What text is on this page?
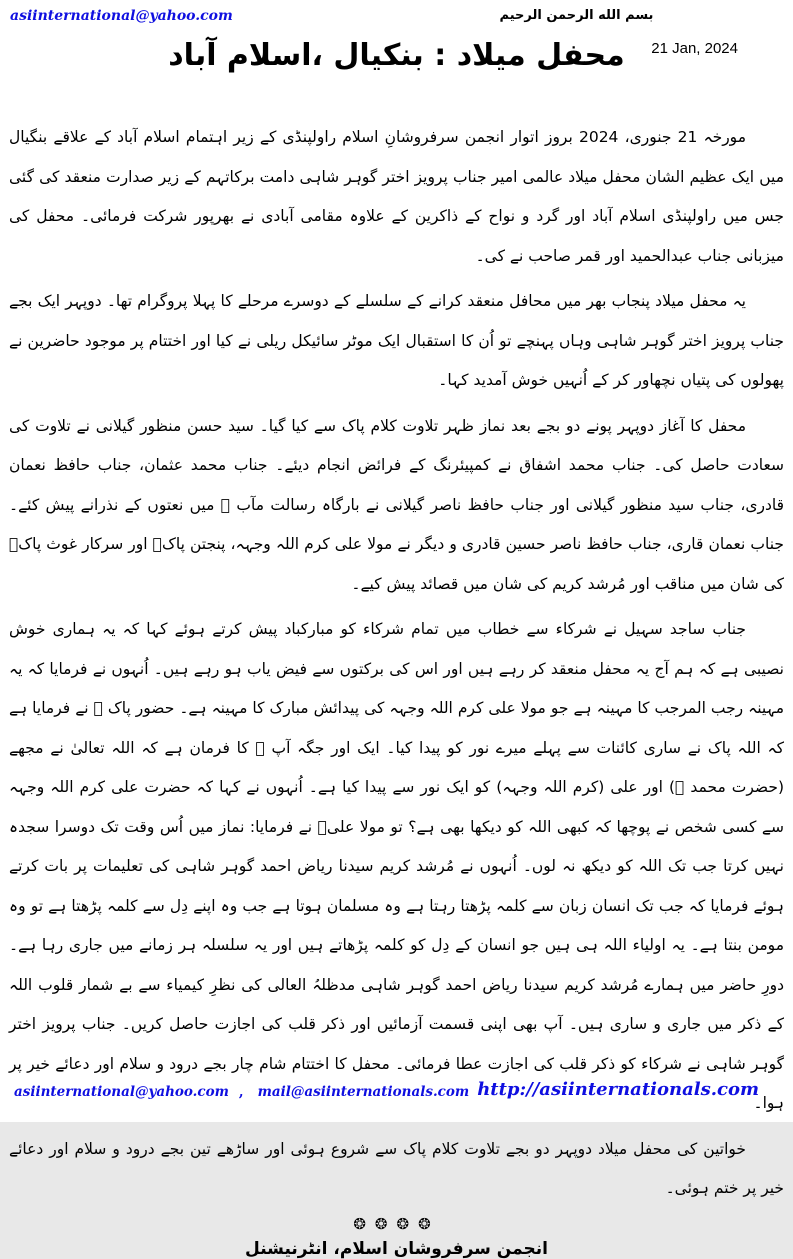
asiinternational@yahoo.com	بسم الله الرحمن الرحيم
محفل میلاد : بنکیال ،اسلام آباد	21 Jan, 2024

مورخہ 21 جنوری، 2024 بروز اتوار انجمن سرفروشانِ اسلام راولپنڈی کے زیر اہتمام اسلام آباد کے علاقے بنگیال میں ایک عظیم الشان محفل میلاد عالمی امیر جناب پرویز اختر گوہر شاہی دامت برکاتہم کے زیر صدارت منعقد کی گئی جس میں راولپنڈی اسلام آباد اور گرد و نواح کے ذاکرین کے علاوہ مقامی آبادی نے بھرپور شرکت فرمائی۔ محفل کی میزبانی جناب عبدالحمید اور قمر صاحب نے کی۔

یہ محفل میلاد پنجاب بھر میں محافل منعقد کرانے کے سلسلے کے دوسرے مرحلے کا پہلا پروگرام تھا۔ دوپہر ایک بجے جناب پرویز اختر گوہر شاہی وہاں پہنچے تو اُن کا استقبال ایک موٹر سائیکل ریلی نے کیا اور اختتام پر موجود حاضرین نے پھولوں کی پتیاں نچھاور کر کے اُنہیں خوش آمدید کہا۔

محفل کا آغاز دوپہر پونے دو بجے بعد نماز ظہر تلاوت کلام پاک سے کیا گیا۔ سید حسن منظور گیلانی نے تلاوت کی سعادت حاصل کی۔ جناب محمد اشفاق نے کمپیئرنگ کے فرائض انجام دیئے۔ جناب محمد عثمان، جناب حافظ نعمان قادری، جناب سید منظور گیلانی اور جناب حافظ ناصر گیلانی نے بارگاہ رسالت مآب ﷺ میں نعتوں کے نذرانے پیش کئے۔ جناب نعمان قاری، جناب حافظ ناصر حسین قادری و دیگر نے مولا علی کرم اللہ وجہہ، پنجتن پاکؑ اور سرکار غوث پاکؒ کی شان میں مناقب اور مُرشد کریم کی شان میں قصائد پیش کیے۔

جناب ساجد سہیل نے شرکاء سے خطاب میں تمام شرکاء کو مبارکباد پیش کرتے ہوئے کہا کہ یہ ہماری خوش نصیبی ہے کہ ہم آج یہ محفل منعقد کر رہے ہیں اور اس کی برکتوں سے فیض یاب ہو رہے ہیں۔ اُنہوں نے فرمایا کہ یہ مہینہ رجب المرجب کا مہینہ ہے جو مولا علی کرم اللہ وجہہ کی پیدائش مبارک کا مہینہ ہے۔ حضور پاک ﷺ نے فرمایا ہے کہ اللہ پاک نے ساری کائنات سے پہلے میرے نور کو پیدا کیا۔ ایک اور جگہ آپ ﷺ کا فرمان ہے کہ اللہ تعالیٰ نے مجھے (حضرت محمد ﷺ) اور علی (کرم اللہ وجہہ) کو ایک نور سے پیدا کیا ہے۔ اُنہوں نے کہا کہ حضرت علی کرم اللہ وجہہ سے کسی شخص نے پوچھا کہ کبھی اللہ کو دیکھا بھی ہے؟ تو مولا علیؑ نے فرمایا: نماز میں اُس وقت تک دوسرا سجدہ نہیں کرتا جب تک اللہ کو دیکھ نہ لوں۔ اُنہوں نے مُرشد کریم سیدنا ریاض احمد گوہر شاہی کی تعلیمات پر بات کرتے ہوئے فرمایا کہ جب تک انسان زبان سے کلمہ پڑھتا رہتا ہے وہ مسلمان ہوتا ہے جب وہ اپنے دِل سے کلمہ پڑھتا ہے تو وہ مومن بنتا ہے۔ یہ اولیاء اللہ ہی ہیں جو انسان کے دِل کو کلمہ پڑھاتے ہیں اور یہ سلسلہ ہر زمانے میں جاری رہا ہے۔ دورِ حاضر میں ہمارے مُرشد کریم سیدنا ریاض احمد گوہر شاہی مدظلہُ العالی کی نظرِ کیمیاء سے بے شمار قلوب اللہ کے ذکر میں جاری و ساری ہیں۔ آپ بھی اپنی قسمت آزمائیں اور ذکر قلب کی اجازت حاصل کریں۔ جناب پرویز اختر گوہر شاہی نے شرکاء کو ذکر قلب کی اجازت عطا فرمائی۔ محفل کا اختتام شام چار بجے درود و سلام اور دعائے خیر پر ہوا۔

خواتین کی محفل میلاد دوپہر دو بجے تلاوت کلام پاک سے شروع ہوئی اور ساڑھے تین بجے درود و سلام اور دعائے خیر پر ختم ہوئی۔

❂❂❂❂
انجمن سرفروشان اسلام، انٹرنیشنل
asiinternational@yahoo.com , mail@asiinternationals.com http://asiinternationals.com
